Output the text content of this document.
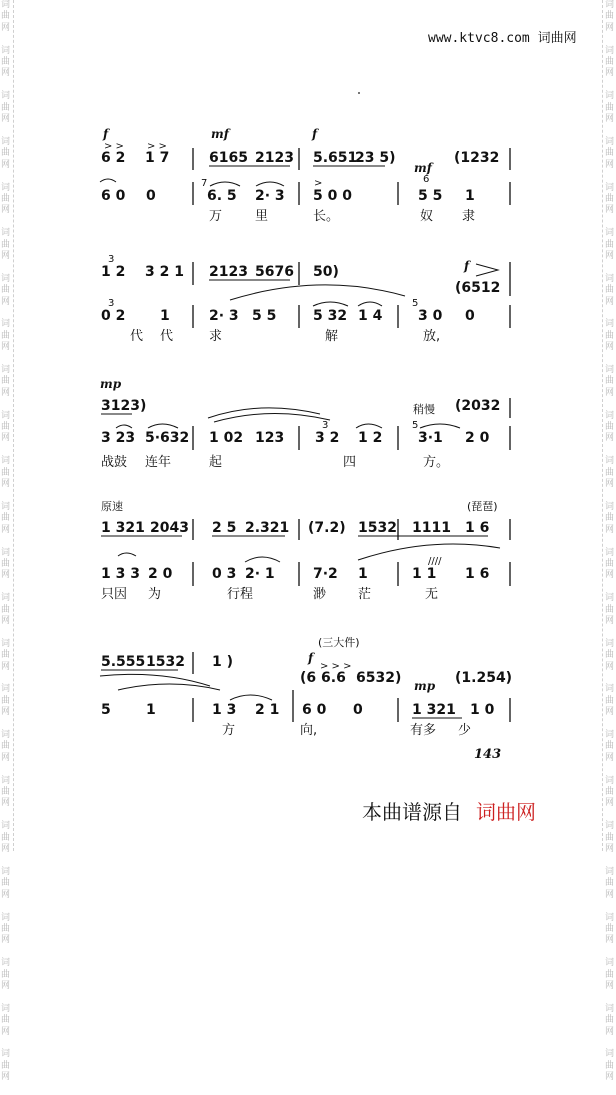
词
曲
网

词
曲
网

词
曲
网

词
曲
网

词
曲
网

词
曲
网

词
曲
网

词
曲
网

词
曲
网

词
曲
网

词
曲
网

词
曲
网

词
曲
网

词
曲
网

词
曲
网

词
曲
网

词
曲
网

词
曲
网

词
曲
网

词
曲
网

词
曲
网

词
曲
网

词
曲
网

词
曲
网

词
曲
网

词
曲
网

词
曲
网

词
曲
网

词
曲
网

词
曲
网

词
曲
网

词
曲
网

词
曲
网

词
曲
网

词
曲
网

词
曲
网

词
曲
网

词
曲
网

词
曲
网

词
曲
网

词
曲
网

词
曲
网

词
曲
网

词
曲
网

词
曲
网

词
曲
网

词
曲
网

词
曲
网

www.ktvc8.com 词曲网
f	mf	f
> > > >
6 2 1 7	6165 2123 5.651
23 5)	(1232
mf
6 0 0
7
6. 5 2· 3
>
5 0 0
6
5 5 1
万	里	长。	奴 隶
f
3
1 2 3 2 1 2123 5676 50)
(6512
3
0 2 1	2· 3 5 5	5 32 1 4
5
3 0 0
代 代	求	解	放,
mp
3123)	稍慢 (2032
3 23 5·632 1 02 123
3
3 2 1 2
5
3·1 2 0
战鼓 连年	起	四	方。
原速	(琵琶)
1 321 2043 2 5 2.321 (7.2) 1532 1111 1 6
1 3 3 2 0	0 3 2· 1	7·2 1	1 1
////
1 6
只因 为	行程	渺 茫	无
(三大件)
f
> > >
5.555 1532 1 )
(6 6.6 6532)	(1.254)
5	1	1 3 2 1 6 0 0
mp
1 321 1 0
方	向,	有多 少
143
本曲谱源自 词曲网
